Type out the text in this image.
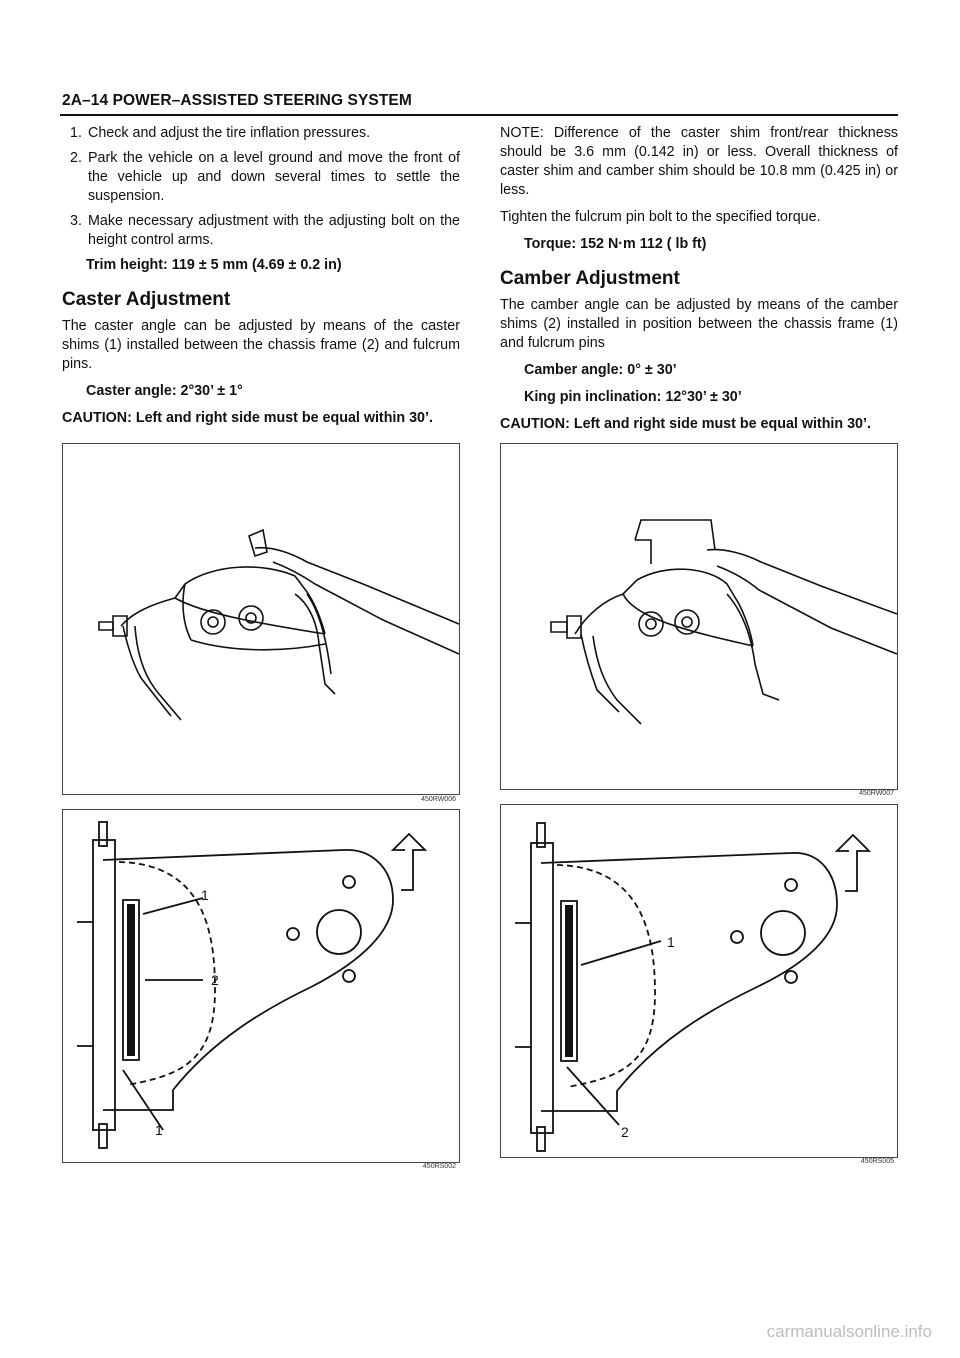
2A–14 POWER–ASSISTED STEERING SYSTEM
1. Check and adjust the tire inflation pressures.
2. Park the vehicle on a level ground and move the front of the vehicle up and down several times to settle the suspension.
3. Make necessary adjustment with the adjusting bolt on the height control arms.

Trim height: 119 ± 5 mm (4.69 ± 0.2 in)

Caster Adjustment

The caster angle can be adjusted by means of the caster shims (1) installed between the chassis frame (2) and fulcrum pins.

Caster angle: 2°30’ ± 1°

CAUTION: Left and right side must be equal within 30’.

NOTE: Difference of the caster shim front/rear thickness should be 3.6 mm (0.142 in) or less. Overall thickness of caster shim and camber shim should be 10.8 mm (0.425 in) or less.

Tighten the fulcrum pin bolt to the specified torque.

Torque: 152 N·m 112 ( lb ft)

Camber Adjustment

The camber angle can be adjusted by means of the camber shims (2) installed in position between the chassis frame (1) and fulcrum pins

Camber angle: 0° ± 30’

King pin inclination: 12°30’ ± 30’

CAUTION: Left and right side must be equal within 30’.

450RW006
450RW007
1
2
1
450RS002
1
2
450RS005
carmanualsonline.info
